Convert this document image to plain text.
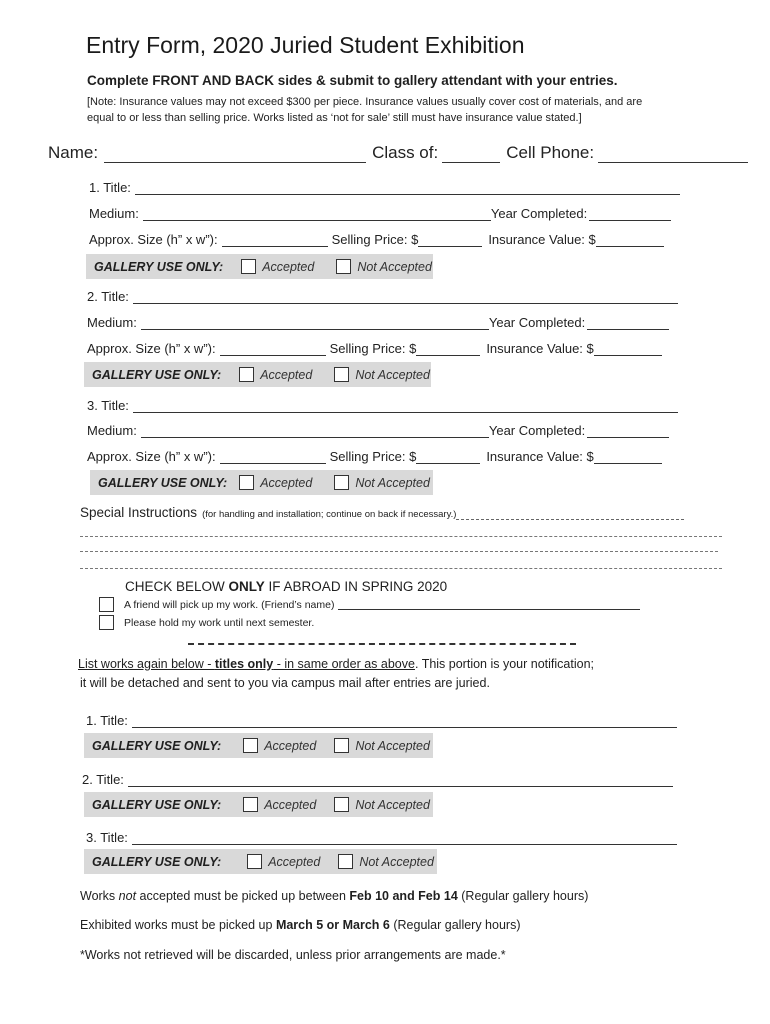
Entry Form, 2020 Juried Student Exhibition
Complete FRONT AND BACK sides & submit to gallery attendant with your entries.
[Note: Insurance values may not exceed $300 per piece. Insurance values usually cover cost of materials, and are
equal to or less than selling price. Works listed as ‘not for sale’ still must have insurance value stated.]
Name:	Class of:	Cell Phone:
1. Title:
Medium:	Year Completed:
Approx. Size (h” x w”):	Selling Price: $	Insurance Value: $
GALLERY USE ONLY:	Accepted	Not Accepted
2. Title:
Medium:	Year Completed:
Approx. Size (h” x w”):	Selling Price: $	Insurance Value: $
GALLERY USE ONLY:	Accepted	Not Accepted
3. Title:
Medium:	Year Completed:
Approx. Size (h” x w”):	Selling Price: $	Insurance Value: $
GALLERY USE ONLY:	Accepted	Not Accepted
Special Instructions (for handling and installation; continue on back if necessary.)
CHECK BELOW ONLY IF ABROAD IN SPRING 2020
A friend will pick up my work. (Friend’s name)
Please hold my work until next semester.
List works again below - titles only - in same order as above. This portion is your notification;
it will be detached and sent to you via campus mail after entries are juried.
1. Title:
GALLERY USE ONLY:	Accepted	Not Accepted
2. Title:
GALLERY USE ONLY:	Accepted	Not Accepted
3. Title:
GALLERY USE ONLY:	Accepted	Not Accepted
Works not accepted must be picked up between Feb 10 and Feb 14 (Regular gallery hours)
Exhibited works must be picked up March 5 or March 6 (Regular gallery hours)
*Works not retrieved will be discarded, unless prior arrangements are made.*
